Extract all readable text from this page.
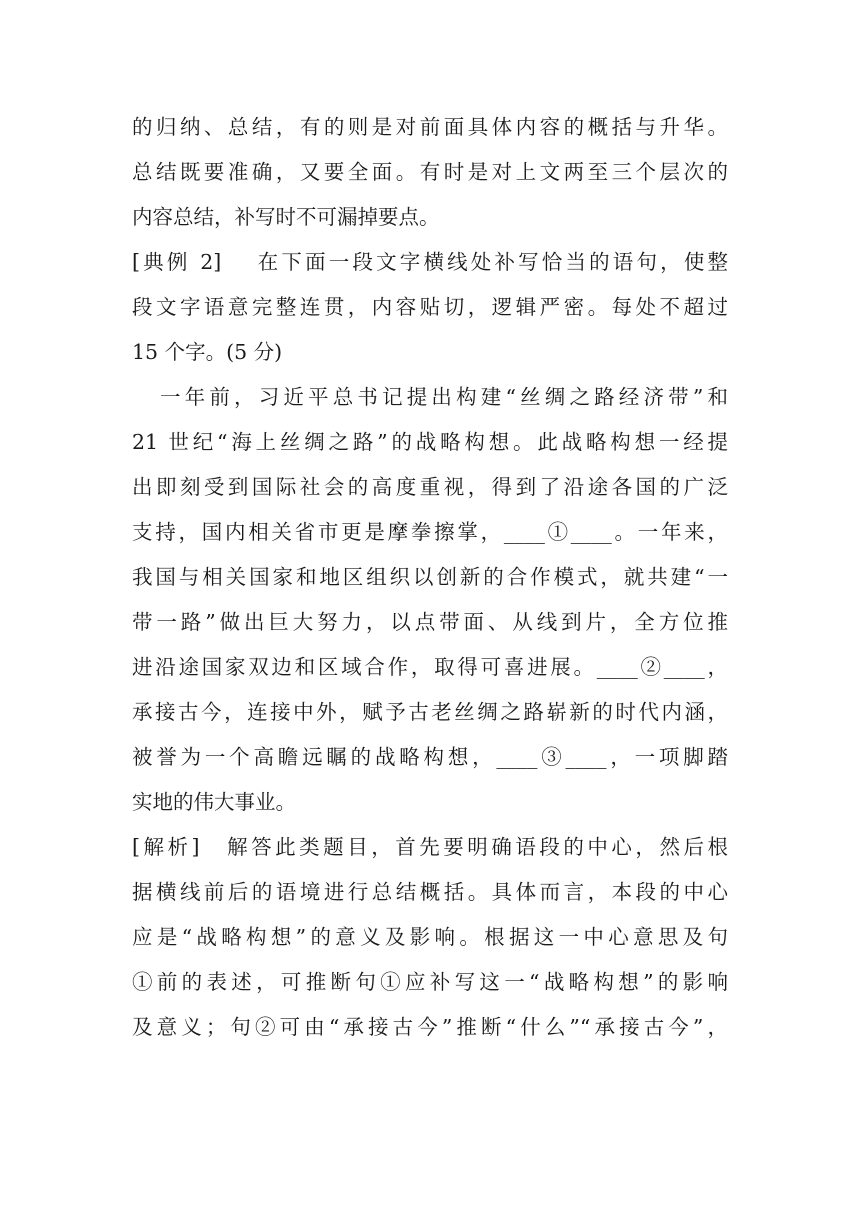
的归纳、总结，有的则是对前面具体内容的概括与升华。
总结既要准确，又要全面。有时是对上文两至三个层次的
内容总结，补写时不可漏掉要点。
[典例 2]　 在下面一段文字横线处补写恰当的语句，使整
段文字语意完整连贯，内容贴切，逻辑严密。每处不超过
15 个字。(5 分)
一年前，习近平总书记提出构建“丝绸之路经济带”和
21 世纪“海上丝绸之路”的战略构想。此战略构想一经提
出即刻受到国际社会的高度重视，得到了沿途各国的广泛
支持，国内相关省市更是摩拳擦掌，____①____。一年来，
我国与相关国家和地区组织以创新的合作模式，就共建“一
带一路”做出巨大努力，以点带面、从线到片，全方位推
进沿途国家双边和区域合作，取得可喜进展。____②____，
承接古今，连接中外，赋予古老丝绸之路崭新的时代内涵，
被誉为一个高瞻远瞩的战略构想，____③____，一项脚踏
实地的伟大事业。
[解析]　解答此类题目，首先要明确语段的中心，然后根
据横线前后的语境进行总结概括。具体而言，本段的中心
应是“战略构想”的意义及影响。根据这一中心意思及句
①前的表述，可推断句①应补写这一“战略构想”的影响
及意义；句②可由“承接古今”推断“什么”“承接古今”，
